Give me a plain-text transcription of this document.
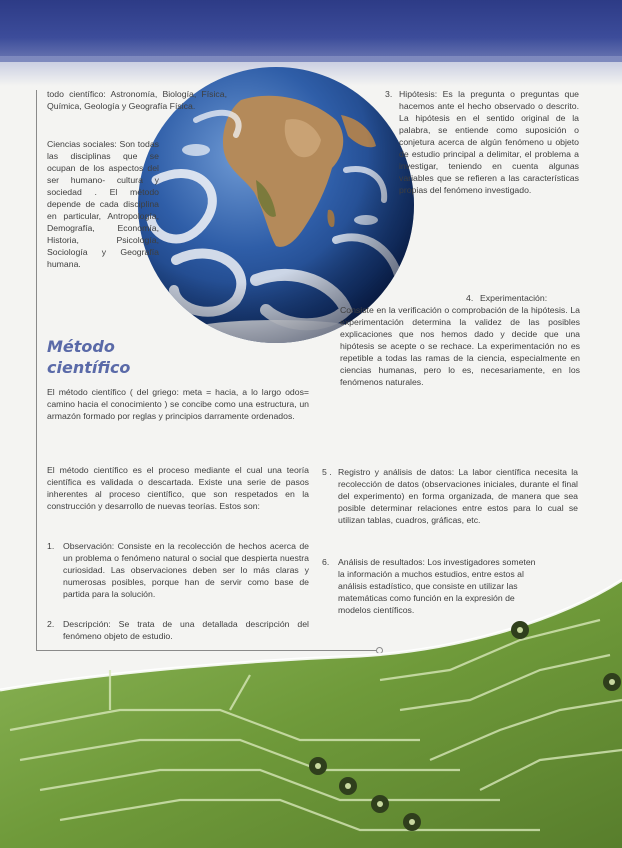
todo científico: Astronomía, Biología, Física, Química, Geología y Geografía Física.

Ciencias sociales: Son todas las disciplinas que se ocupan de los aspectos del ser humano- cultura y sociedad . El método depende de cada disciplina en particular, Antropología, Demografía, Economía, Historia, Psicología, Sociología y Geografía humana.

Método científico

El método científico ( del griego: meta = hacia, a lo largo odos= camino hacia el conocimiento ) se concibe como una estructura, un armazón formado por reglas y principios darramente ordenados.

El método científico es el proceso mediante el cual una teoría científica es validada o descartada. Existe una serie de pasos inherentes al proceso científico, que son respetados en la construcción y desarrollo de nuevas teorías. Estos son:

1. Observación: Consiste en la recolección de hechos acerca de un problema o fenómeno natural o social que despierta nuestra curiosidad. Las observaciones deben ser lo más claras y numerosas posibles, porque han de servir como base de partida para la solución.
2. Descripción: Se trata de una detallada descripción del fenómeno objeto de estudio.
3. Hipótesis: Es la pregunta o preguntas que hacemos ante el hecho observado o descrito. La hipótesis en el sentido original de la palabra, se entiende como suposición o conjetura acerca de algún fenómeno u objeto de estudio principal a delimitar, el problema a investigar, teniendo en cuenta algunas variables que se refieren a las características propias del fenómeno investigado.
4. Experimentación: Consiste en la verificación o comprobación de la hipótesis. La experimentación determina la validez de las posibles explicaciones que nos hemos dado y decide que una hipótesis se acepte o se rechace. La experimentación no es repetible a todas las ramas de la ciencia, especialmente en ciencias humanas, pero lo es, necesariamente, en los fenómenos naturales.
5 . Registro y análisis de datos: La labor científica necesita la recolección de datos (observaciones iniciales, durante el final del experimento) en forma organizada, de manera que sea posible determinar relaciones entre estos para lo cual se utilizan tablas, cuadros, gráficas, etc.
6. Análisis de resultados: Los investigadores someten la información a muchos estudios, entre estos al análisis estadístico, que consiste en utilizar las matemáticas como función en la expresión de modelos científicos.
